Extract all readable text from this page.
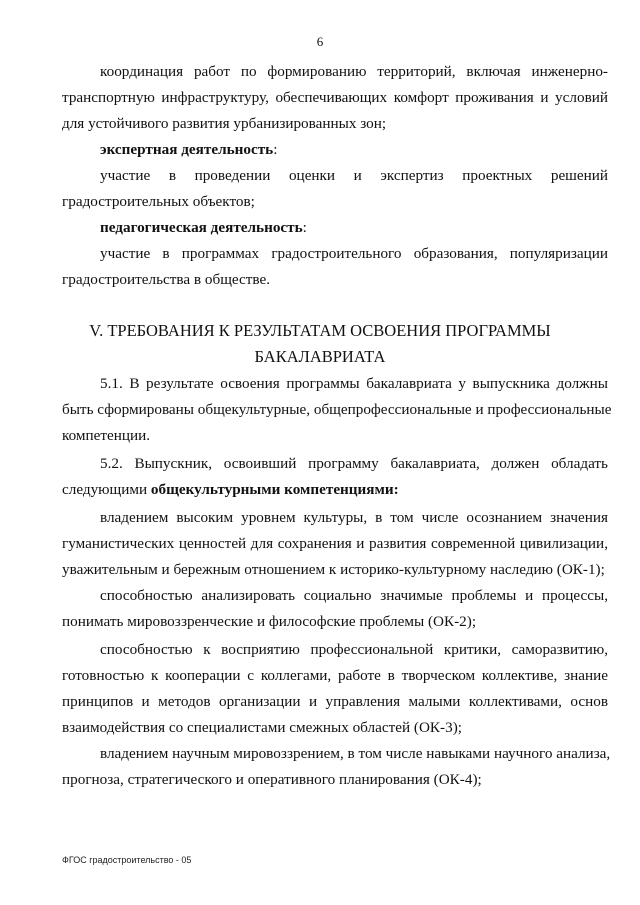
6
координация работ по формированию территорий, включая инженерно-
транспортную инфраструктуру, обеспечивающих комфорт проживания и условий
для устойчивого развития урбанизированных зон;
экспертная деятельность:
участие в проведении оценки и экспертиз проектных решений
градостроительных объектов;
педагогическая деятельность:
участие в программах градостроительного образования, популяризации
градостроительства в обществе.
V. ТРЕБОВАНИЯ К РЕЗУЛЬТАТАМ ОСВОЕНИЯ ПРОГРАММЫ
БАКАЛАВРИАТА
5.1. В результате освоения программы бакалавриата у выпускника должны
быть сформированы общекультурные, общепрофессиональные и профессиональные
компетенции.
5.2. Выпускник, освоивший программу бакалавриата, должен обладать
следующими общекультурными компетенциями:
владением высоким уровнем культуры, в том числе осознанием значения
гуманистических ценностей для сохранения и развития современной цивилизации,
уважительным и бережным отношением к историко-культурному наследию (ОК-1);
способностью анализировать социально значимые проблемы и процессы,
понимать мировоззренческие и философские проблемы (ОК-2);
способностью к восприятию профессиональной критики, саморазвитию,
готовностью к кооперации с коллегами, работе в творческом коллективе, знание
принципов и методов организации и управления малыми коллективами, основ
взаимодействия со специалистами смежных областей (ОК-3);
владением научным мировоззрением, в том числе навыками научного анализа,
прогноза, стратегического и оперативного планирования (ОК-4);
ФГОС градостроительство - 05
